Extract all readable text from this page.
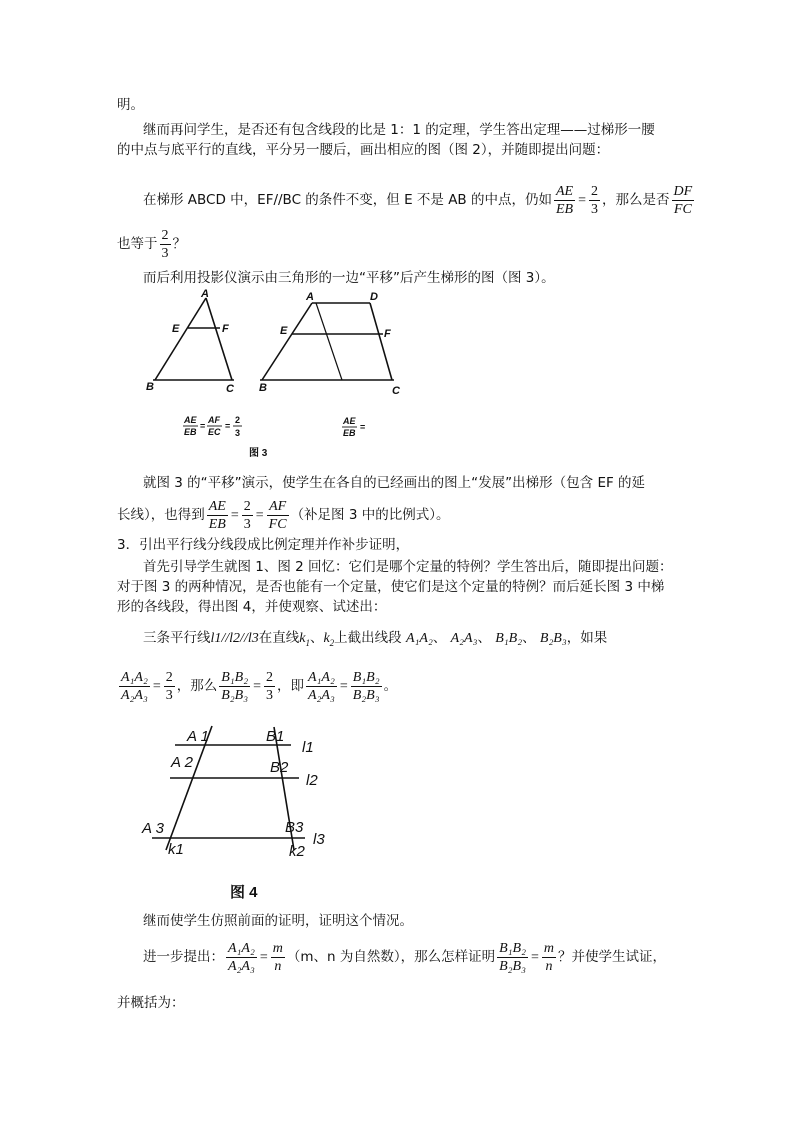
明。
继而再问学生，是否还有包含线段的比是 1：1 的定理，学生答出定理——过梯形一腰
的中点与底平行的直线，平分另一腰后，画出相应的图（图 2），并随即提出问题：
在梯形 ABCD 中，EF//BC 的条件不变，但 E 不是 AB 的中点，仍如 $\frac{AE}{EB} = \frac{2}{3}$ ，那么是否 $\frac{DF}{FC}$
也等于 $\frac{2}{3}$ ？
而后利用投影仪演示由三角形的一边“平移”后产生梯形的图（图 3）。
A
E	F
B	C
A	D
E	F
B	C
AE
EB
=
AF
EC
=
2
3
AE
EB
=
图 3
就图 3 的“平移”演示，使学生在各自的已经画出的图上“发展”出梯形（包含 EF 的延
长线），也得到 $\frac{AE}{EB} = \frac{2}{3} = \frac{AF}{FC}$ （补足图 3 中的比例式）。
3．引出平行线分线段成比例定理并作补步证明，
首先引导学生就图 1、图 2 回忆：它们是哪个定量的特例？学生答出后，随即提出问题：
对于图 3 的两种情况，是否也能有一个定量，使它们是这个定量的特例？而后延长图 3 中梯
形的各线段，得出图 4，并使观察、试述出：
三条平行线l1//l2//l3在直线$k_1$、$k_2$上截出线段 A₁A₂、 A₂A₃、 B₁B₂、 B₂B₃，如果
$\frac{\text{A₁A₂}}{\text{A₂A₃}} = \frac{2}{3}$ ，那么 $\frac{\text{B₁B₂}}{\text{B₂B₃}} = \frac{2}{3}$ ，即 $\frac{\text{A₁A₂}}{\text{A₂A₃}} = \frac{\text{B₁B₂}}{\text{B₂B₃}}$ 。
A 1
A 2
A 3
B1
B2
B3
l1
l2
l3
k1	k2
图 4
继而使学生仿照前面的证明，证明这个情况。
进一步提出： $\frac{\text{A₁A₂}}{\text{A₂A₃}} = \frac{m}{n} (m$、n 为自然数），那么怎样证明 $\frac{\text{B₁B₂}}{\text{B₂B₃}} = \frac{m}{n}$ ？并使学生试证，
并概括为：
